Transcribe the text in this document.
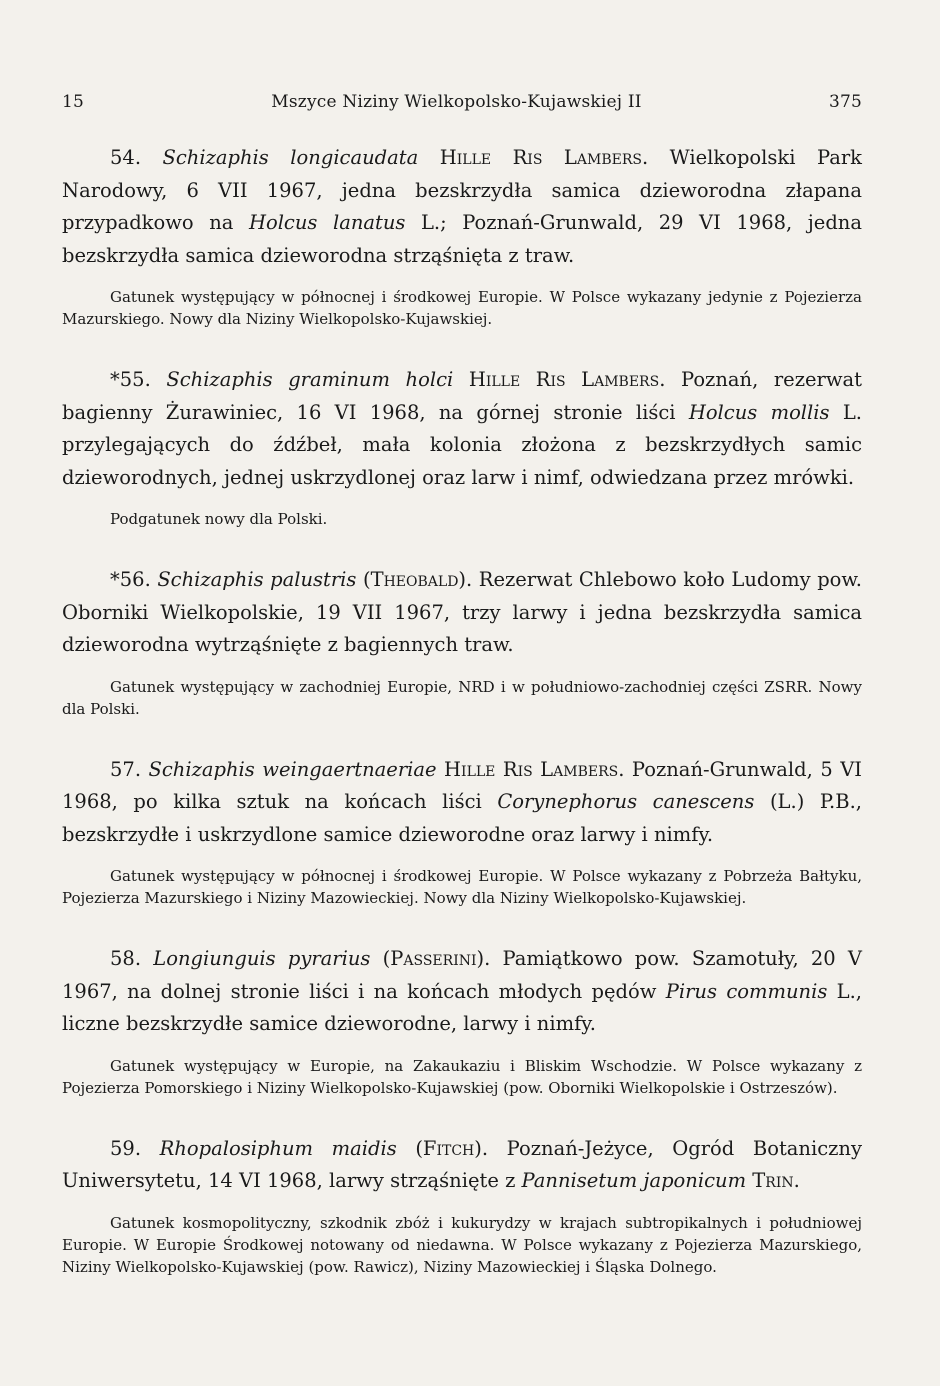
15	Mszyce Niziny Wielkopolsko-Kujawskiej II	375

54. Schizaphis longicaudata Hille Ris Lambers. Wielkopolski Park Narodowy, 6 VII 1967, jedna bezskrzydła samica dzieworodna złapana przypadkowo na Holcus lanatus L.; Poznań-Grunwald, 29 VI 1968, jedna bezskrzydła samica dzieworodna strząśnięta z traw.

Gatunek występujący w północnej i środkowej Europie. W Polsce wykazany jedynie z Pojezierza Mazurskiego. Nowy dla Niziny Wielkopolsko-Kujawskiej.

*55. Schizaphis graminum holci Hille Ris Lambers. Poznań, rezerwat bagienny Żurawiniec, 16 VI 1968, na górnej stronie liści Holcus mollis L. przylegających do źdźbeł, mała kolonia złożona z bezskrzydłych samic dzieworodnych, jednej uskrzydlonej oraz larw i nimf, odwiedzana przez mrówki.

Podgatunek nowy dla Polski.

*56. Schizaphis palustris (Theobald). Rezerwat Chlebowo koło Ludomy pow. Oborniki Wielkopolskie, 19 VII 1967, trzy larwy i jedna bezskrzydła samica dzieworodna wytrząśnięte z bagiennych traw.

Gatunek występujący w zachodniej Europie, NRD i w południowo-zachodniej części ZSRR. Nowy dla Polski.

57. Schizaphis weingaertnaeriae Hille Ris Lambers. Poznań-Grunwald, 5 VI 1968, po kilka sztuk na końcach liści Corynephorus canescens (L.) P.B., bezskrzydłe i uskrzydlone samice dzieworodne oraz larwy i nimfy.

Gatunek występujący w północnej i środkowej Europie. W Polsce wykazany z Pobrzeża Bałtyku, Pojezierza Mazurskiego i Niziny Mazowieckiej. Nowy dla Niziny Wielkopolsko-Kujawskiej.

58. Longiunguis pyrarius (Passerini). Pamiątkowo pow. Szamotuły, 20 V 1967, na dolnej stronie liści i na końcach młodych pędów Pirus communis L., liczne bezskrzydłe samice dzieworodne, larwy i nimfy.

Gatunek występujący w Europie, na Zakaukaziu i Bliskim Wschodzie. W Polsce wykazany z Pojezierza Pomorskiego i Niziny Wielkopolsko-Kujawskiej (pow. Oborniki Wielkopolskie i Ostrzeszów).

59. Rhopalosiphum maidis (Fitch). Poznań-Jeżyce, Ogród Botaniczny Uniwersytetu, 14 VI 1968, larwy strząśnięte z Pannisetum japonicum Trin.

Gatunek kosmopolityczny, szkodnik zbóż i kukurydzy w krajach subtropikalnych i południowej Europie. W Europie Środkowej notowany od niedawna. W Polsce wykazany z Pojezierza Mazurskiego, Niziny Wielkopolsko-Kujawskiej (pow. Rawicz), Niziny Mazowieckiej i Śląska Dolnego.
